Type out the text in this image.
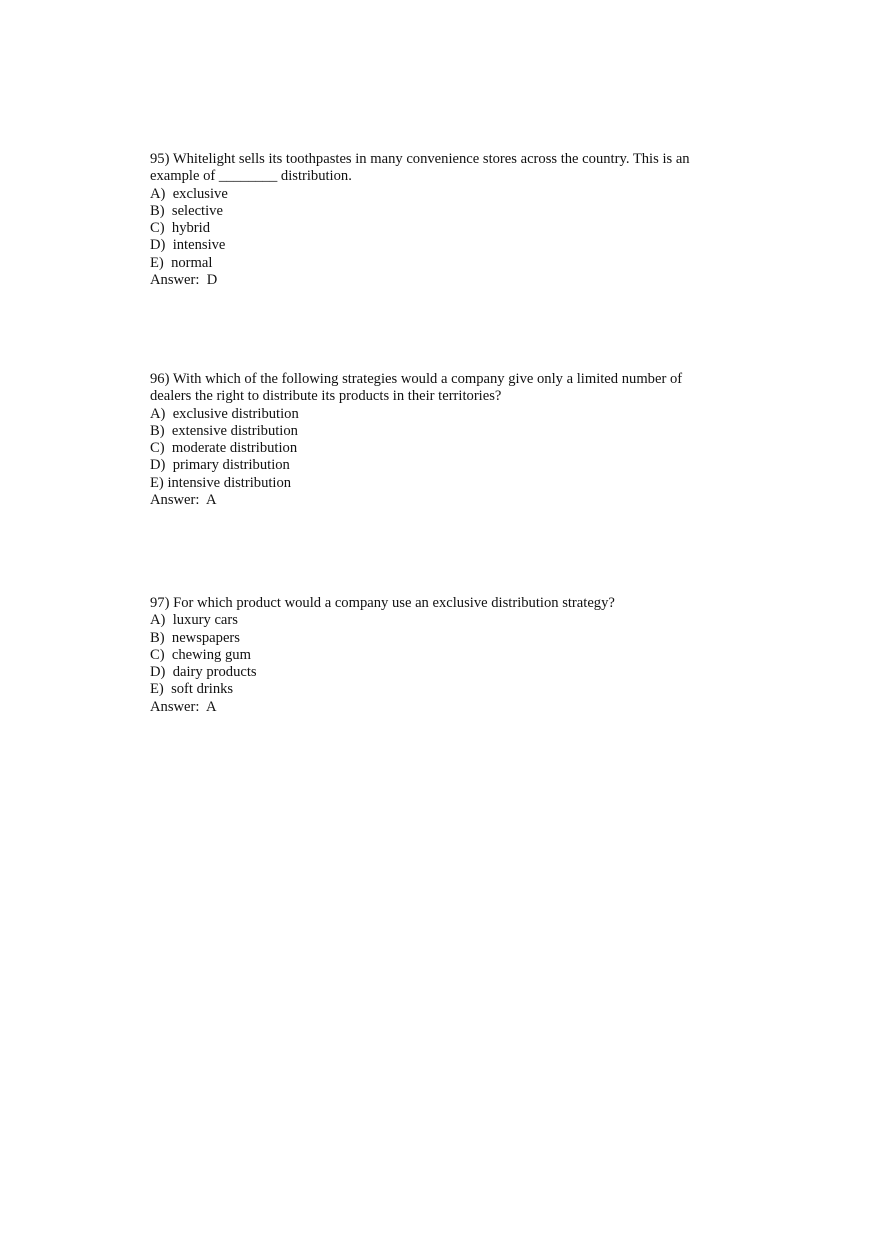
95) Whitelight sells its toothpastes in many convenience stores across the country. This is an example of ________ distribution.
A) exclusive
B) selective
C) hybrid
D) intensive
E) normal
Answer:  D
96) With which of the following strategies would a company give only a limited number of dealers the right to distribute its products in their territories?
A) exclusive distribution
B) extensive distribution
C) moderate distribution
D) primary distribution
E) intensive distribution
Answer:  A
97) For which product would a company use an exclusive distribution strategy?
A) luxury cars
B) newspapers
C) chewing gum
D) dairy products
E) soft drinks
Answer:  A
